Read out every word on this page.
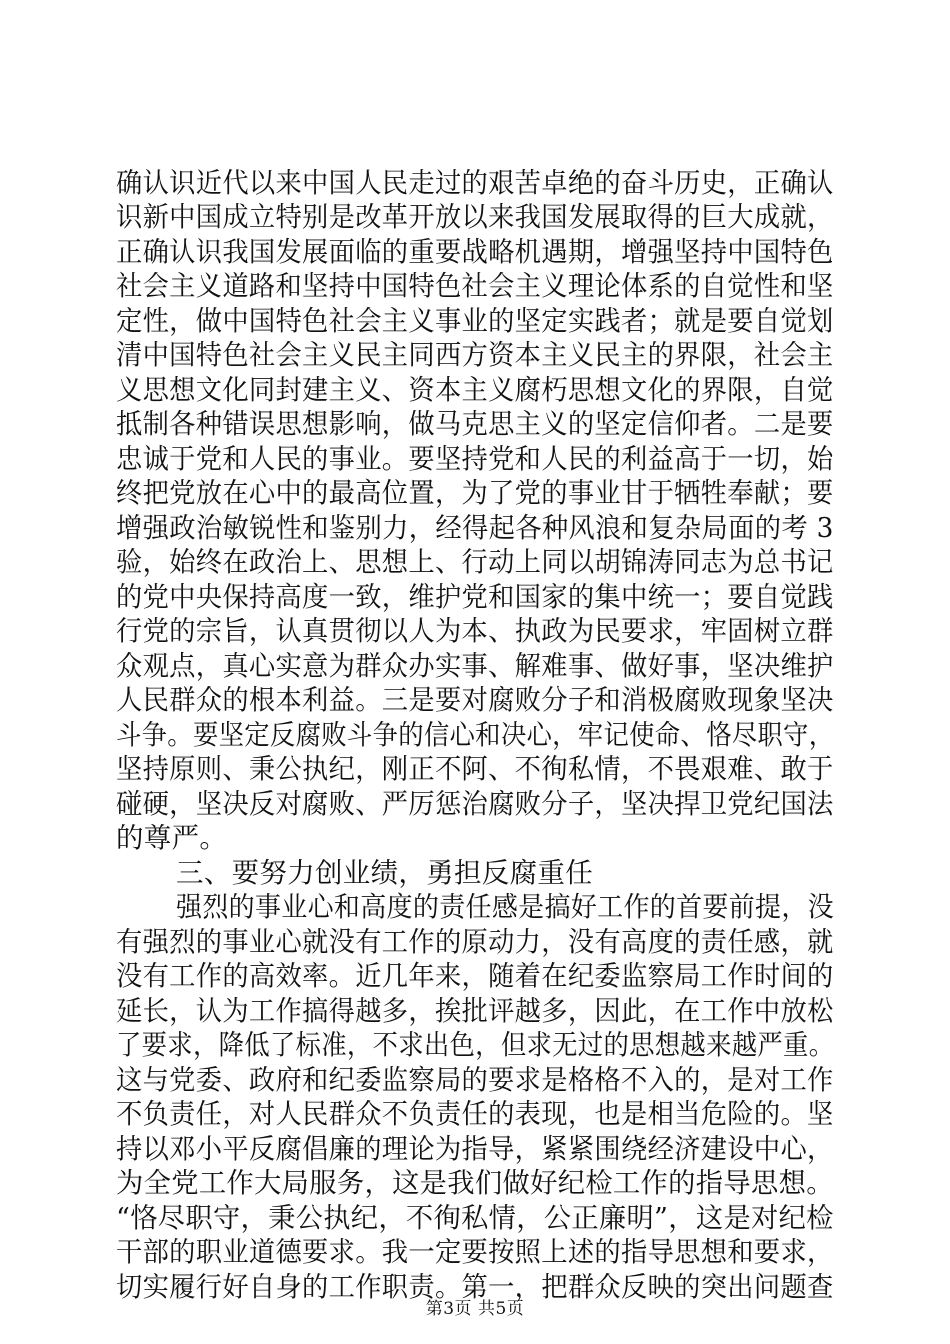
确认识近代以来中国人民走过的艰苦卓绝的奋斗历史，正确认
识新中国成立特别是改革开放以来我国发展取得的巨大成就，
正确认识我国发展面临的重要战略机遇期，增强坚持中国特色
社会主义道路和坚持中国特色社会主义理论体系的自觉性和坚
定性，做中国特色社会主义事业的坚定实践者；就是要自觉划
清中国特色社会主义民主同西方资本主义民主的界限，社会主
义思想文化同封建主义、资本主义腐朽思想文化的界限，自觉
抵制各种错误思想影响，做马克思主义的坚定信仰者。二是要
忠诚于党和人民的事业。要坚持党和人民的利益高于一切，始
终把党放在心中的最高位置，为了党的事业甘于牺牲奉献；要
增强政治敏锐性和鉴别力，经得起各种风浪和复杂局面的考 3
验，始终在政治上、思想上、行动上同以胡锦涛同志为总书记
的党中央保持高度一致，维护党和国家的集中统一；要自觉践
行党的宗旨，认真贯彻以人为本、执政为民要求，牢固树立群
众观点，真心实意为群众办实事、解难事、做好事，坚决维护
人民群众的根本利益。三是要对腐败分子和消极腐败现象坚决
斗争。要坚定反腐败斗争的信心和决心，牢记使命、恪尽职守，
坚持原则、秉公执纪，刚正不阿、不徇私情，不畏艰难、敢于
碰硬，坚决反对腐败、严厉惩治腐败分子，坚决捍卫党纪国法
的尊严。
三、要努力创业绩，勇担反腐重任
强烈的事业心和高度的责任感是搞好工作的首要前提，没
有强烈的事业心就没有工作的原动力，没有高度的责任感，就
没有工作的高效率。近几年来，随着在纪委监察局工作时间的
延长，认为工作搞得越多，挨批评越多，因此，在工作中放松
了要求，降低了标准，不求出色，但求无过的思想越来越严重。
这与党委、政府和纪委监察局的要求是格格不入的，是对工作
不负责任，对人民群众不负责任的表现，也是相当危险的。坚
持以邓小平反腐倡廉的理论为指导，紧紧围绕经济建设中心，
为全党工作大局服务，这是我们做好纪检工作的指导思想。
“恪尽职守，秉公执纪，不徇私情，公正廉明”，这是对纪检
干部的职业道德要求。我一定要按照上述的指导思想和要求，
切实履行好自身的工作职责。第一，把群众反映的突出问题查
第3页 共5页
